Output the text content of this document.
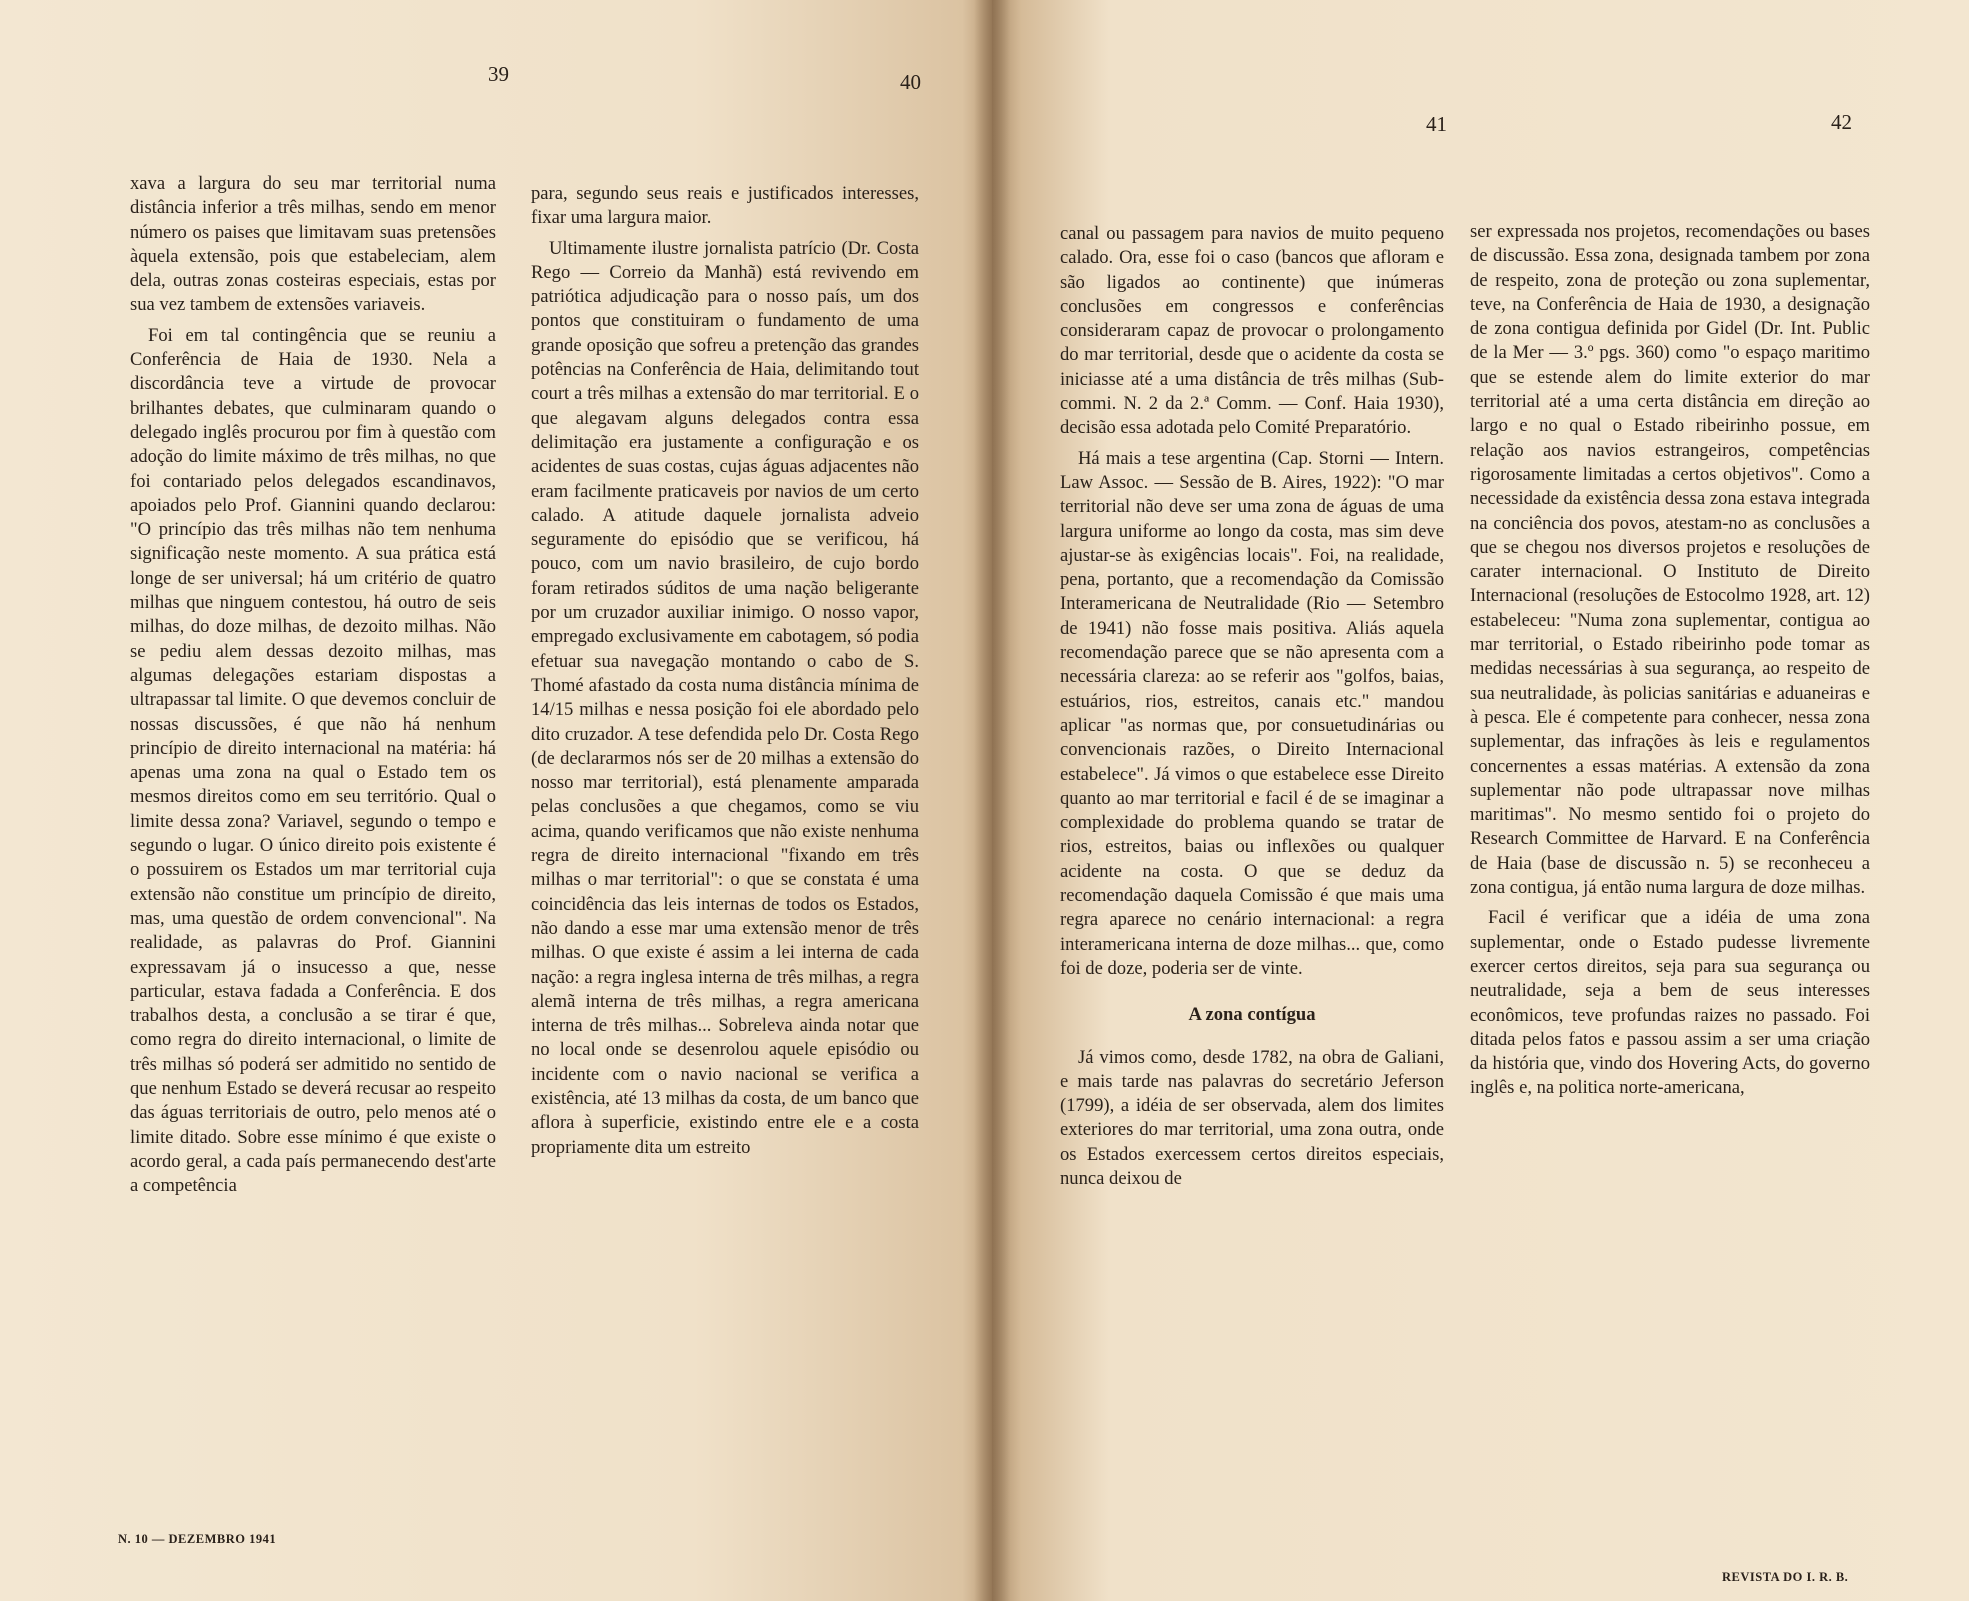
39	40

xava a largura do seu mar territorial numa distância inferior a três milhas, sendo em menor número os paises que limitavam suas pretensões àquela extensão, pois que estabeleciam, alem dela, outras zonas costeiras especiais, estas por sua vez tambem de extensões variaveis.

Foi em tal contingência que se reuniu a Conferência de Haia de 1930. Nela a discordância teve a virtude de provocar brilhantes debates, que culminaram quando o delegado inglês procurou por fim à questão com adoção do limite máximo de três milhas, no que foi contariado pelos delegados escandinavos, apoiados pelo Prof. Giannini quando declarou: "O princípio das três milhas não tem nenhuma significação neste momento. A sua prática está longe de ser universal; há um critério de quatro milhas que ninguem contestou, há outro de seis milhas, do doze milhas, de dezoito milhas. Não se pediu alem dessas dezoito milhas, mas algumas delegações estariam dispostas a ultrapassar tal limite. O que devemos concluir de nossas discussões, é que não há nenhum princípio de direito internacional na matéria: há apenas uma zona na qual o Estado tem os mesmos direitos como em seu território. Qual o limite dessa zona? Variavel, segundo o tempo e segundo o lugar. O único direito pois existente é o possuirem os Estados um mar territorial cuja extensão não constitue um princípio de direito, mas, uma questão de ordem convencional". Na realidade, as palavras do Prof. Giannini expressavam já o insucesso a que, nesse particular, estava fadada a Conferência. E dos trabalhos desta, a conclusão a se tirar é que, como regra do direito internacional, o limite de três milhas só poderá ser admitido no sentido de que nenhum Estado se deverá recusar ao respeito das águas territoriais de outro, pelo menos até o limite ditado. Sobre esse mínimo é que existe o acordo geral, a cada país permanecendo dest'arte a competência

para, segundo seus reais e justificados interesses, fixar uma largura maior.

Ultimamente ilustre jornalista patrício (Dr. Costa Rego — Correio da Manhã) está revivendo em patriótica adjudicação para o nosso país, um dos pontos que constituiram o fundamento de uma grande oposição que sofreu a pretenção das grandes potências na Conferência de Haia, delimitando tout court a três milhas a extensão do mar territorial. E o que alegavam alguns delegados contra essa delimitação era justamente a configuração e os acidentes de suas costas, cujas águas adjacentes não eram facilmente praticaveis por navios de um certo calado. A atitude daquele jornalista adveio seguramente do episódio que se verificou, há pouco, com um navio brasileiro, de cujo bordo foram retirados súditos de uma nação beligerante por um cruzador auxiliar inimigo. O nosso vapor, empregado exclusivamente em cabotagem, só podia efetuar sua navegação montando o cabo de S. Thomé afastado da costa numa distância mínima de 14/15 milhas e nessa posição foi ele abordado pelo dito cruzador. A tese defendida pelo Dr. Costa Rego (de declararmos nós ser de 20 milhas a extensão do nosso mar territorial), está plenamente amparada pelas conclusões a que chegamos, como se viu acima, quando verificamos que não existe nenhuma regra de direito internacional "fixando em três milhas o mar territorial": o que se constata é uma coincidência das leis internas de todos os Estados, não dando a esse mar uma extensão menor de três milhas. O que existe é assim a lei interna de cada nação: a regra inglesa interna de três milhas, a regra alemã interna de três milhas, a regra americana interna de três milhas... Sobreleva ainda notar que no local onde se desenrolou aquele episódio ou incidente com o navio nacional se verifica a existência, até 13 milhas da costa, de um banco que aflora à superficie, existindo entre ele e a costa propriamente dita um estreito

N. 10 — DEZEMBRO 1941
41	42

canal ou passagem para navios de muito pequeno calado. Ora, esse foi o caso (bancos que afloram e são ligados ao continente) que inúmeras conclusões em congressos e conferências consideraram capaz de provocar o prolongamento do mar territorial, desde que o acidente da costa se iniciasse até a uma distância de três milhas (Sub-commi. N. 2 da 2.ª Comm. — Conf. Haia 1930), decisão essa adotada pelo Comité Preparatório.

Há mais a tese argentina (Cap. Storni — Intern. Law Assoc. — Sessão de B. Aires, 1922): "O mar territorial não deve ser uma zona de águas de uma largura uniforme ao longo da costa, mas sim deve ajustar-se às exigências locais". Foi, na realidade, pena, portanto, que a recomendação da Comissão Interamericana de Neutralidade (Rio — Setembro de 1941) não fosse mais positiva. Aliás aquela recomendação parece que se não apresenta com a necessária clareza: ao se referir aos "golfos, baias, estuários, rios, estreitos, canais etc." mandou aplicar "as normas que, por consuetudinárias ou convencionais razões, o Direito Internacional estabelece". Já vimos o que estabelece esse Direito quanto ao mar territorial e facil é de se imaginar a complexidade do problema quando se tratar de rios, estreitos, baias ou inflexões ou qualquer acidente na costa. O que se deduz da recomendação daquela Comissão é que mais uma regra aparece no cenário internacional: a regra interamericana interna de doze milhas... que, como foi de doze, poderia ser de vinte.

A zona contígua

Já vimos como, desde 1782, na obra de Galiani, e mais tarde nas palavras do secretário Jeferson (1799), a idéia de ser observada, alem dos limites exteriores do mar territorial, uma zona outra, onde os Estados exercessem certos direitos especiais, nunca deixou de

ser expressada nos projetos, recomendações ou bases de discussão. Essa zona, designada tambem por zona de respeito, zona de proteção ou zona suplementar, teve, na Conferência de Haia de 1930, a designação de zona contigua definida por Gidel (Dr. Int. Public de la Mer — 3.º pgs. 360) como "o espaço maritimo que se estende alem do limite exterior do mar territorial até a uma certa distância em direção ao largo e no qual o Estado ribeirinho possue, em relação aos navios estrangeiros, competências rigorosamente limitadas a certos objetivos". Como a necessidade da existência dessa zona estava integrada na conciência dos povos, atestam-no as conclusões a que se chegou nos diversos projetos e resoluções de carater internacional. O Instituto de Direito Internacional (resoluções de Estocolmo 1928, art. 12) estabeleceu: "Numa zona suplementar, contigua ao mar territorial, o Estado ribeirinho pode tomar as medidas necessárias à sua segurança, ao respeito de sua neutralidade, às policias sanitárias e aduaneiras e à pesca. Ele é competente para conhecer, nessa zona suplementar, das infrações às leis e regulamentos concernentes a essas matérias. A extensão da zona suplementar não pode ultrapassar nove milhas maritimas". No mesmo sentido foi o projeto do Research Committee de Harvard. E na Conferência de Haia (base de discussão n. 5) se reconheceu a zona contigua, já então numa largura de doze milhas.

Facil é verificar que a idéia de uma zona suplementar, onde o Estado pudesse livremente exercer certos direitos, seja para sua segurança ou neutralidade, seja a bem de seus interesses econômicos, teve profundas raizes no passado. Foi ditada pelos fatos e passou assim a ser uma criação da história que, vindo dos Hovering Acts, do governo inglês e, na politica norte-americana,

REVISTA DO I. R. B.
